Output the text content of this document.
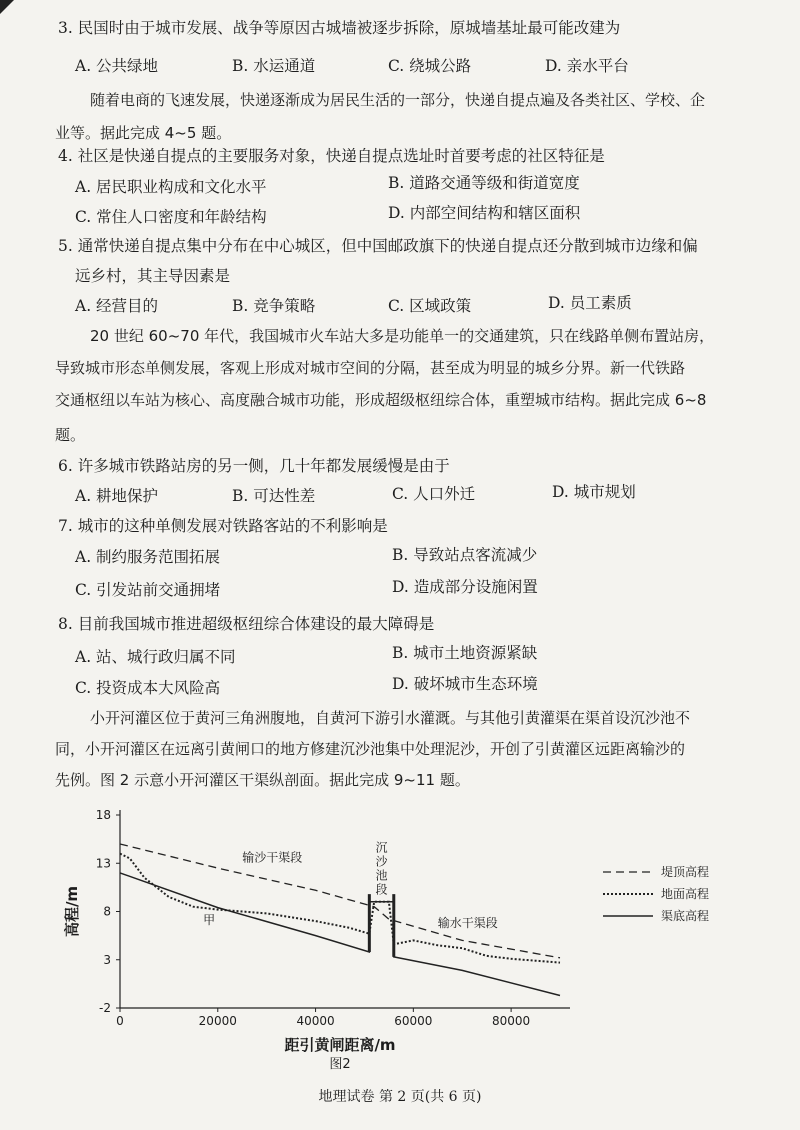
3. 民国时由于城市发展、战争等原因古城墙被逐步拆除，原城墙基址最可能改建为
A. 公共绿地	B. 水运通道	C. 绕城公路	D. 亲水平台
随着电商的飞速发展，快递逐渐成为居民生活的一部分，快递自提点遍及各类社区、学校、企
业等。据此完成 4~5 题。
4. 社区是快递自提点的主要服务对象，快递自提点选址时首要考虑的社区特征是
A. 居民职业构成和文化水平	B. 道路交通等级和街道宽度
C. 常住人口密度和年龄结构	D. 内部空间结构和辖区面积
5. 通常快递自提点集中分布在中心城区，但中国邮政旗下的快递自提点还分散到城市边缘和偏
远乡村，其主导因素是
A. 经营目的	B. 竞争策略	C. 区域政策	D. 员工素质
20 世纪 60~70 年代，我国城市火车站大多是功能单一的交通建筑，只在线路单侧布置站房，
导致城市形态单侧发展，客观上形成对城市空间的分隔，甚至成为明显的城乡分界。新一代铁路
交通枢纽以车站为核心、高度融合城市功能，形成超级枢纽综合体，重塑城市结构。据此完成 6~8
题。
6. 许多城市铁路站房的另一侧，几十年都发展缓慢是由于
A. 耕地保护	B. 可达性差	C. 人口外迁	D. 城市规划
7. 城市的这种单侧发展对铁路客站的不利影响是
A. 制约服务范围拓展	B. 导致站点客流减少
C. 引发站前交通拥堵	D. 造成部分设施闲置
8. 目前我国城市推进超级枢纽综合体建设的最大障碍是
A. 站、城行政归属不同	B. 城市土地资源紧缺
C. 投资成本大风险高	D. 破坏城市生态环境
小开河灌区位于黄河三角洲腹地，自黄河下游引水灌溉。与其他引黄灌渠在渠首设沉沙池不
同，小开河灌区在远离引黄闸口的地方修建沉沙池集中处理泥沙，开创了引黄灌区远距离输沙的
先例。图 2 示意小开河灌区干渠纵剖面。据此完成 9~11 题。
0	20000	40000	60000	80000
-2
3
8
13
18
距引黄闸距离/m
高程/m
图2
输沙干渠段
沉
沙
池
段
输水干渠段
甲
堤顶高程
地面高程
渠底高程
地理试卷 第 2 页(共 6 页)
